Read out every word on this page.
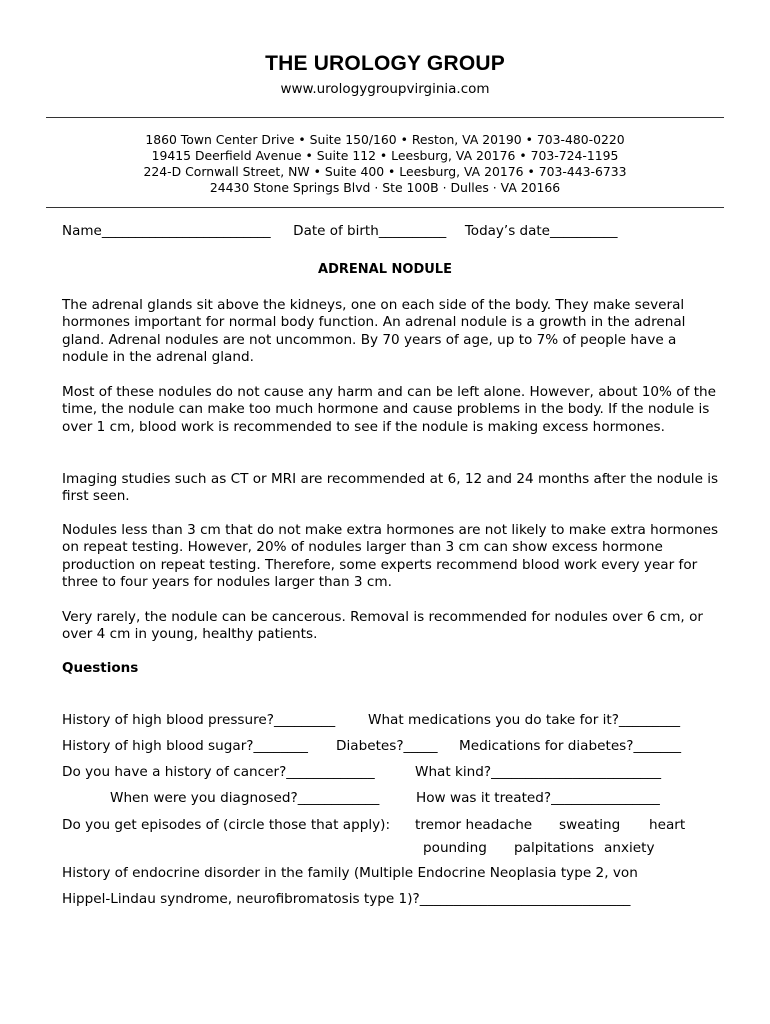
THE UROLOGY GROUP
www.urologygroupvirginia.com
1860 Town Center Drive • Suite 150/160 • Reston, VA 20190 • 703-480-0220
19415 Deerfield Avenue • Suite 112 • Leesburg, VA 20176 • 703-724-1195
224-D Cornwall Street, NW • Suite 400 • Leesburg, VA 20176 • 703-443-6733
24430 Stone Springs Blvd · Ste 100B · Dulles · VA 20166
Name_________________________ Date of birth__________ Today’s date__________
ADRENAL NODULE
The adrenal glands sit above the kidneys, one on each side of the body. They make several hormones important for normal body function. An adrenal nodule is a growth in the adrenal gland. Adrenal nodules are not uncommon. By 70 years of age, up to 7% of people have a nodule in the adrenal gland.
Most of these nodules do not cause any harm and can be left alone. However, about 10% of the time, the nodule can make too much hormone and cause problems in the body. If the nodule is over 1 cm, blood work is recommended to see if the nodule is making excess hormones.
Imaging studies such as CT or MRI are recommended at 6, 12 and 24 months after the nodule is first seen.
Nodules less than 3 cm that do not make extra hormones are not likely to make extra hormones on repeat testing. However, 20% of nodules larger than 3 cm can show excess hormone production on repeat testing. Therefore, some experts recommend blood work every year for three to four years for nodules larger than 3 cm.
Very rarely, the nodule can be cancerous. Removal is recommended for nodules over 6 cm, or over 4 cm in young, healthy patients.
Questions
History of high blood pressure?_________ What medications you do take for it?_________
History of high blood sugar?________ Diabetes?_____ Medications for diabetes?_______
Do you have a history of cancer?_____________	What kind?_________________________
When were you diagnosed?____________	How was it treated?________________
Do you get episodes of (circle those that apply): tremor headache sweating heart
pounding palpitations anxiety
History of endocrine disorder in the family (Multiple Endocrine Neoplasia type 2, von
Hippel-Lindau syndrome, neurofibromatosis type 1)?_______________________________
